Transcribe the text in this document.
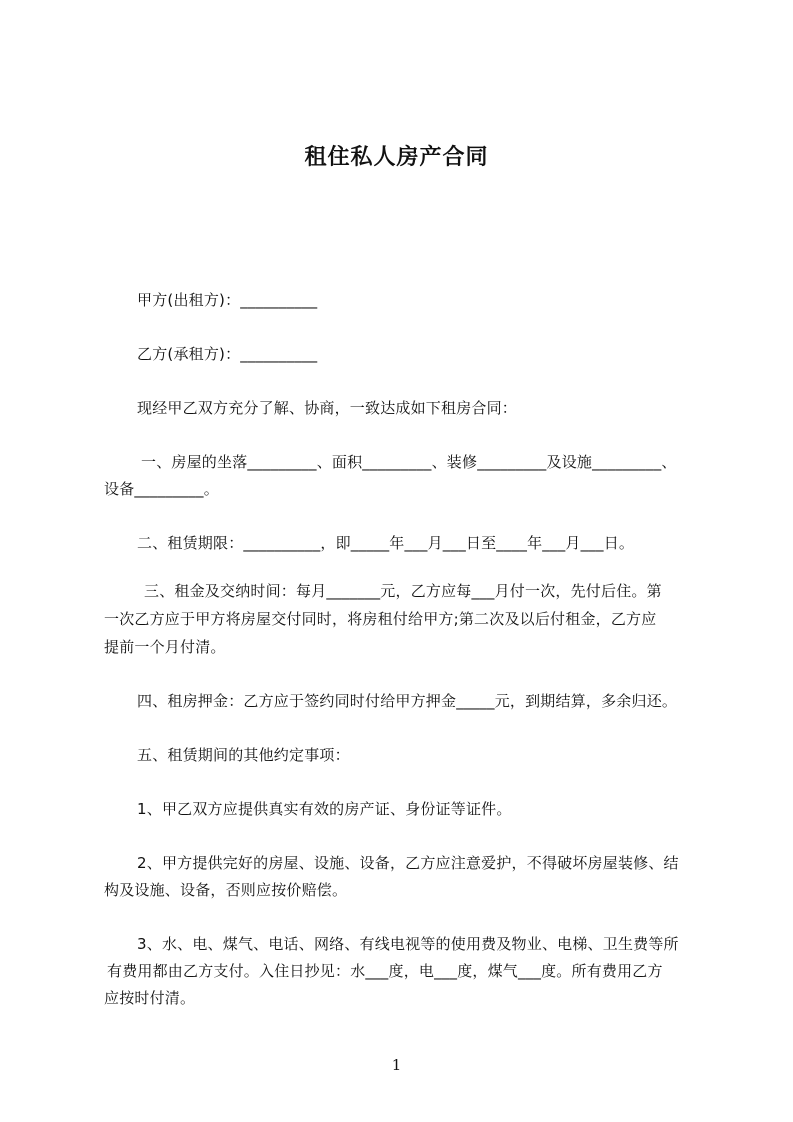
租住私人房产合同
甲方(出租方)：__________
乙方(承租方)：__________
现经甲乙双方充分了解、协商，一致达成如下租房合同：
一、房屋的坐落_________、面积_________、装修_________及设施_________、
设备_________。
二、租赁期限：__________，即_____年___月___日至____年___月___日。
三、租金及交纳时间：每月_______元，乙方应每___月付一次，先付后住。第
一次乙方应于甲方将房屋交付同时，将房租付给甲方;第二次及以后付租金，乙方应
提前一个月付清。
四、租房押金：乙方应于签约同时付给甲方押金_____元，到期结算，多余归还。
五、租赁期间的其他约定事项：
1、甲乙双方应提供真实有效的房产证、身份证等证件。
2、甲方提供完好的房屋、设施、设备，乙方应注意爱护，不得破坏房屋装修、结
构及设施、设备，否则应按价赔偿。
3、水、电、煤气、电话、网络、有线电视等的使用费及物业、电梯、卫生费等所
有费用都由乙方支付。入住日抄见：水___度，电___度，煤气___度。所有费用乙方
应按时付清。
1
